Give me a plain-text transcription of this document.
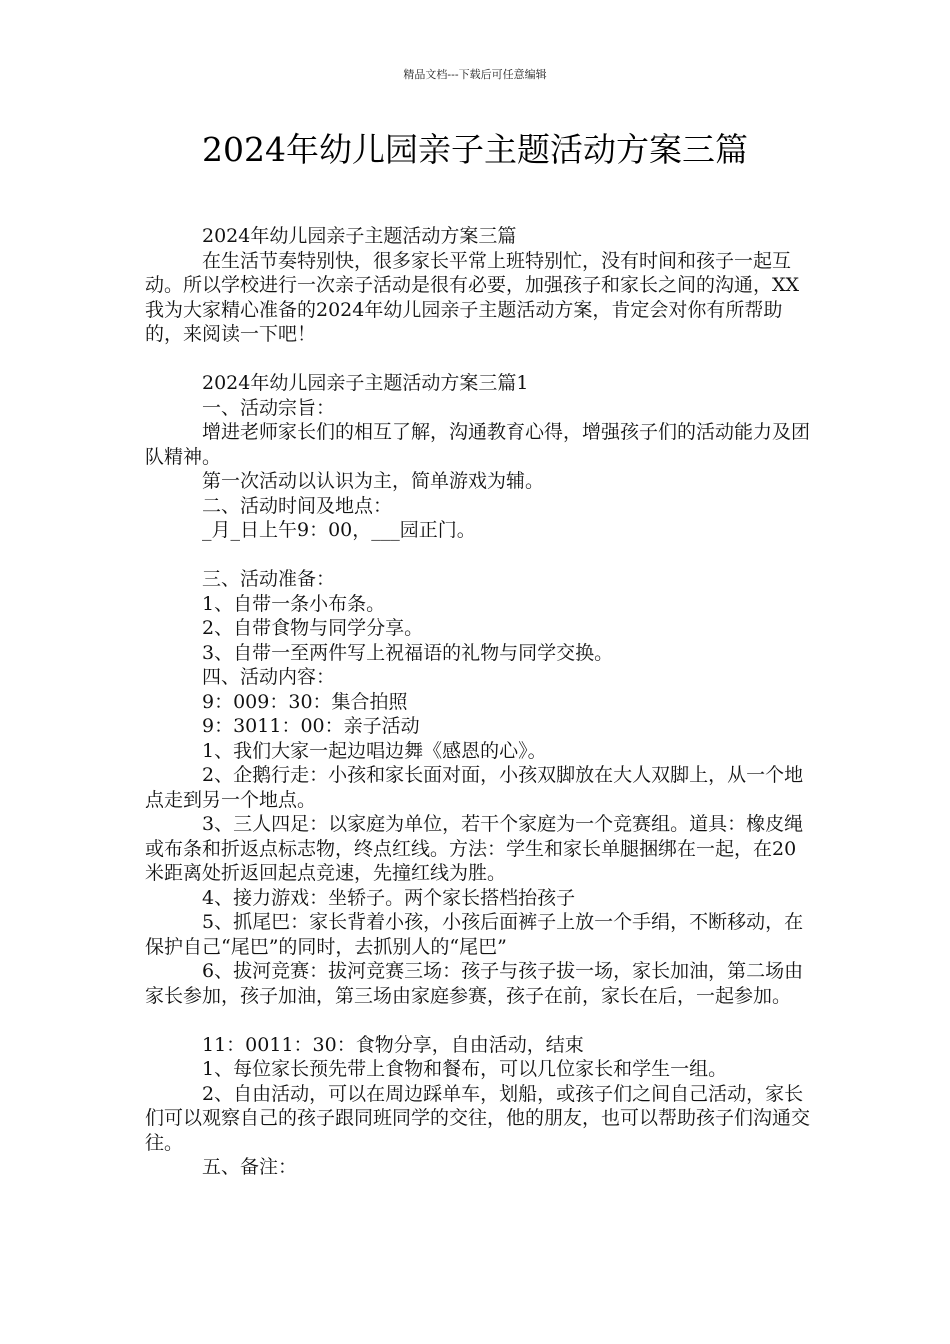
精品文档---下载后可任意编辑
2024年幼儿园亲子主题活动方案三篇

2024年幼儿园亲子主题活动方案三篇

在生活节奏特别快，很多家长平常上班特别忙，没有时间和孩子一起互动。所以学校进行一次亲子活动是很有必要，加强孩子和家长之间的沟通，XX我为大家精心准备的2024年幼儿园亲子主题活动方案，肯定会对你有所帮助的，来阅读一下吧！

2024年幼儿园亲子主题活动方案三篇1

一、活动宗旨：

增进老师家长们的相互了解，沟通教育心得，增强孩子们的活动能力及团队精神。

第一次活动以认识为主，简单游戏为辅。

二、活动时间及地点：

_月_日上午9：00，___园正门。

三、活动准备：

1、自带一条小布条。

2、自带食物与同学分享。

3、自带一至两件写上祝福语的礼物与同学交换。

四、活动内容：

9：009：30：集合拍照

9：3011：00：亲子活动

1、我们大家一起边唱边舞《感恩的心》。

2、企鹅行走：小孩和家长面对面，小孩双脚放在大人双脚上，从一个地点走到另一个地点。

3、三人四足：以家庭为单位，若干个家庭为一个竞赛组。道具：橡皮绳或布条和折返点标志物，终点红线。方法：学生和家长单腿捆绑在一起，在20米距离处折返回起点竞速，先撞红线为胜。

4、接力游戏：坐轿子。两个家长搭档抬孩子

5、抓尾巴：家长背着小孩，小孩后面裤子上放一个手绢，不断移动，在保护自己“尾巴”的同时，去抓别人的“尾巴”

6、拔河竞赛：拔河竞赛三场：孩子与孩子拔一场，家长加油，第二场由家长参加，孩子加油，第三场由家庭参赛，孩子在前，家长在后，一起参加。

11：0011：30：食物分享，自由活动，结束

1、每位家长预先带上食物和餐布，可以几位家长和学生一组。

2、自由活动，可以在周边踩单车，划船，或孩子们之间自己活动，家长们可以观察自己的孩子跟同班同学的交往，他的朋友，也可以帮助孩子们沟通交往。

五、备注：
